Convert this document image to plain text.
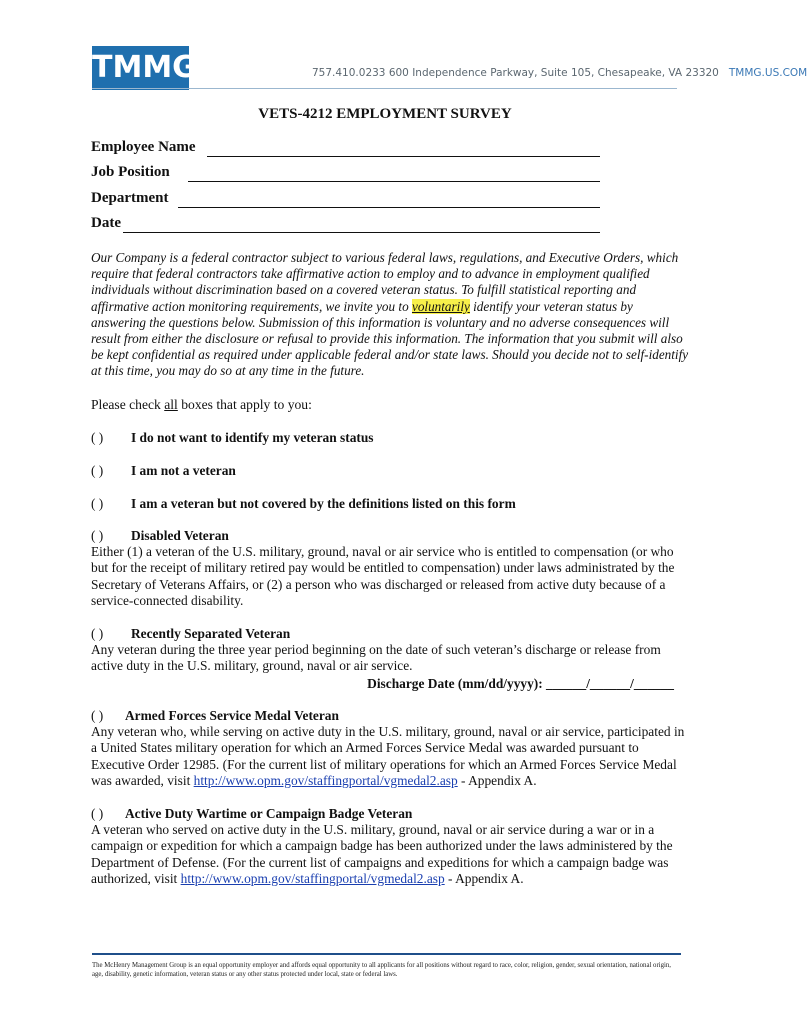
TMMG	757.410.0233 600 Independence Parkway, Suite 105, Chesapeake, VA 23320 TMMG.US.COM
VETS-4212 EMPLOYMENT SURVEY
Employee Name
Job Position
Department
Date
Our Company is a federal contractor subject to various federal laws, regulations, and Executive Orders, which require that federal contractors take affirmative action to employ and to advance in employment qualified individuals without discrimination based on a covered veteran status. To fulfill statistical reporting and affirmative action monitoring requirements, we invite you to voluntarily identify your veteran status by answering the questions below. Submission of this information is voluntary and no adverse consequences will result from either the disclosure or refusal to provide this information. The information that you submit will also be kept confidential as required under applicable federal and/or state laws. Should you decide not to self-identify at this time, you may do so at any time in the future.
Please check all boxes that apply to you:
( ) I do not want to identify my veteran status
( ) I am not a veteran
( ) I am a veteran but not covered by the definitions listed on this form
( ) Disabled Veteran
Either (1) a veteran of the U.S. military, ground, naval or air service who is entitled to compensation (or who but for the receipt of military retired pay would be entitled to compensation) under laws administrated by the Secretary of Veterans Affairs, or (2) a person who was discharged or released from active duty because of a service-connected disability.
( ) Recently Separated Veteran
Any veteran during the three year period beginning on the date of such veteran’s discharge or release from active duty in the U.S. military, ground, naval or air service.
Discharge Date (mm/dd/yyyy): ______/______/______
( ) Armed Forces Service Medal Veteran
Any veteran who, while serving on active duty in the U.S. military, ground, naval or air service, participated in a United States military operation for which an Armed Forces Service Medal was awarded pursuant to Executive Order 12985. (For the current list of military operations for which an Armed Forces Service Medal was awarded, visit http://www.opm.gov/staffingportal/vgmedal2.asp - Appendix A.
( ) Active Duty Wartime or Campaign Badge Veteran
A veteran who served on active duty in the U.S. military, ground, naval or air service during a war or in a campaign or expedition for which a campaign badge has been authorized under the laws administered by the Department of Defense. (For the current list of campaigns and expeditions for which a campaign badge was authorized, visit http://www.opm.gov/staffingportal/vgmedal2.asp - Appendix A.
The McHenry Management Group is an equal opportunity employer and affords equal opportunity to all applicants for all positions without regard to race, color, religion, gender, sexual orientation, national origin, age, disability, genetic information, veteran status or any other status protected under local, state or federal laws.
